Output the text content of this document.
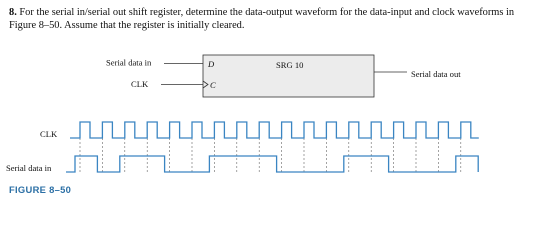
8. For the serial in/serial out shift register, determine the data-output waveform for the data-input and clock waveforms in Figure 8–50. Assume that the register is initially cleared.
SRG 10
D
C
Serial data in
CLK
Serial data out
CLK
Serial data in
FIGURE 8–50
